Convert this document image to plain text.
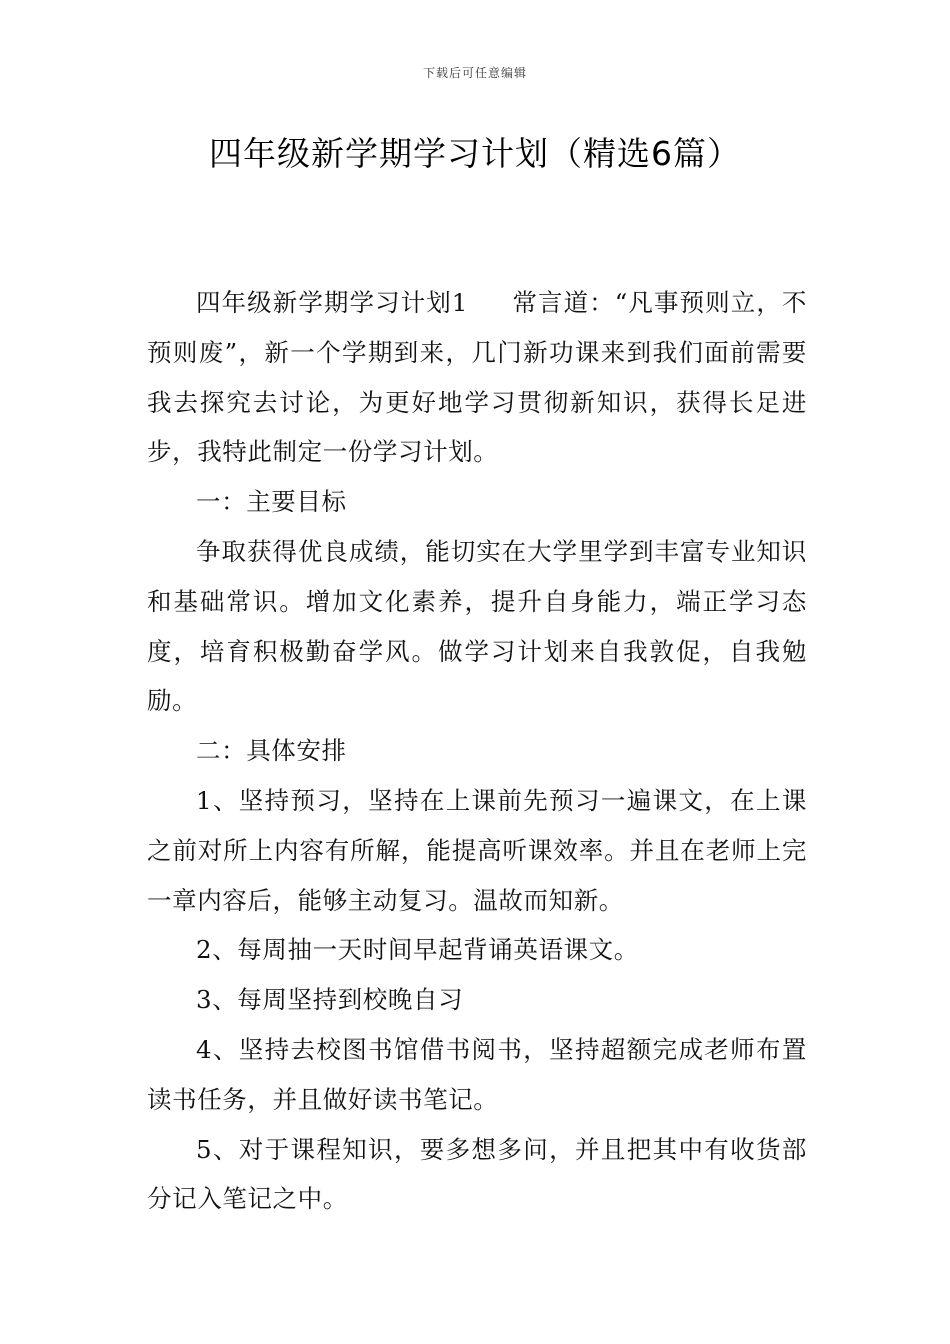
下载后可任意编辑
四年级新学期学习计划（精选6篇）

四年级新学期学习计划1 常言道：“凡事预则立，不预则废”，新一个学期到来，几门新功课来到我们面前需要我去探究去讨论，为更好地学习贯彻新知识，获得长足进步，我特此制定一份学习计划。

一：主要目标

争取获得优良成绩，能切实在大学里学到丰富专业知识和基础常识。增加文化素养，提升自身能力，端正学习态度，培育积极勤奋学风。做学习计划来自我敦促，自我勉励。

二：具体安排

1、坚持预习，坚持在上课前先预习一遍课文，在上课之前对所上内容有所解，能提高听课效率。并且在老师上完一章内容后，能够主动复习。温故而知新。

2、每周抽一天时间早起背诵英语课文。

3、每周坚持到校晚自习

4、坚持去校图书馆借书阅书，坚持超额完成老师布置读书任务，并且做好读书笔记。

5、对于课程知识，要多想多问，并且把其中有收货部分记入笔记之中。
